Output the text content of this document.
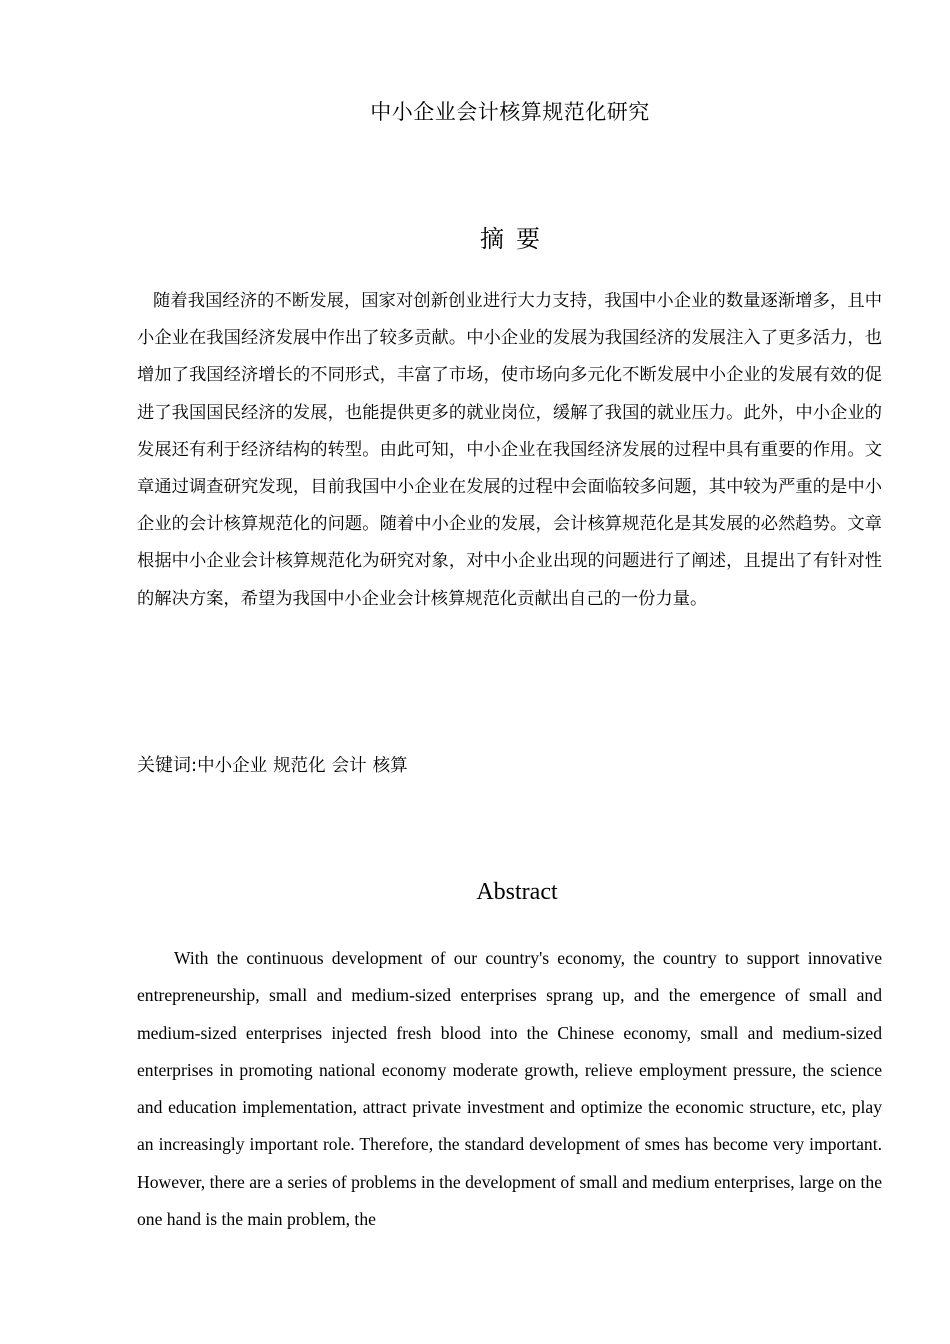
中小企业会计核算规范化研究
摘  要

随着我国经济的不断发展，国家对创新创业进行大力支持，我国中小企业的数量逐渐增多，且中小企业在我国经济发展中作出了较多贡献。中小企业的发展为我国经济的发展注入了更多活力，也增加了我国经济增长的不同形式，丰富了市场，使市场向多元化不断发展中小企业的发展有效的促进了我国国民经济的发展，也能提供更多的就业岗位，缓解了我国的就业压力。此外，中小企业的发展还有利于经济结构的转型。由此可知，中小企业在我国经济发展的过程中具有重要的作用。文章通过调查研究发现，目前我国中小企业在发展的过程中会面临较多问题，其中较为严重的是中小企业的会计核算规范化的问题。随着中小企业的发展，会计核算规范化是其发展的必然趋势。文章根据中小企业会计核算规范化为研究对象，对中小企业出现的问题进行了阐述，且提出了有针对性的解决方案，希望为我国中小企业会计核算规范化贡献出自己的一份力量。

关键词:中小企业 规范化 会计 核算
Abstract

With the continuous development of our country's economy, the country to support innovative entrepreneurship, small and medium-sized enterprises sprang up, and the emergence of small and medium-sized enterprises injected fresh blood into the Chinese economy, small and medium-sized enterprises in promoting national economy moderate growth, relieve employment pressure, the science and education implementation, attract private investment and optimize the economic structure, etc, play an increasingly important role. Therefore, the standard development of smes has become very important. However, there are a series of problems in the development of small and medium enterprises, large on the one hand is the main problem, the
